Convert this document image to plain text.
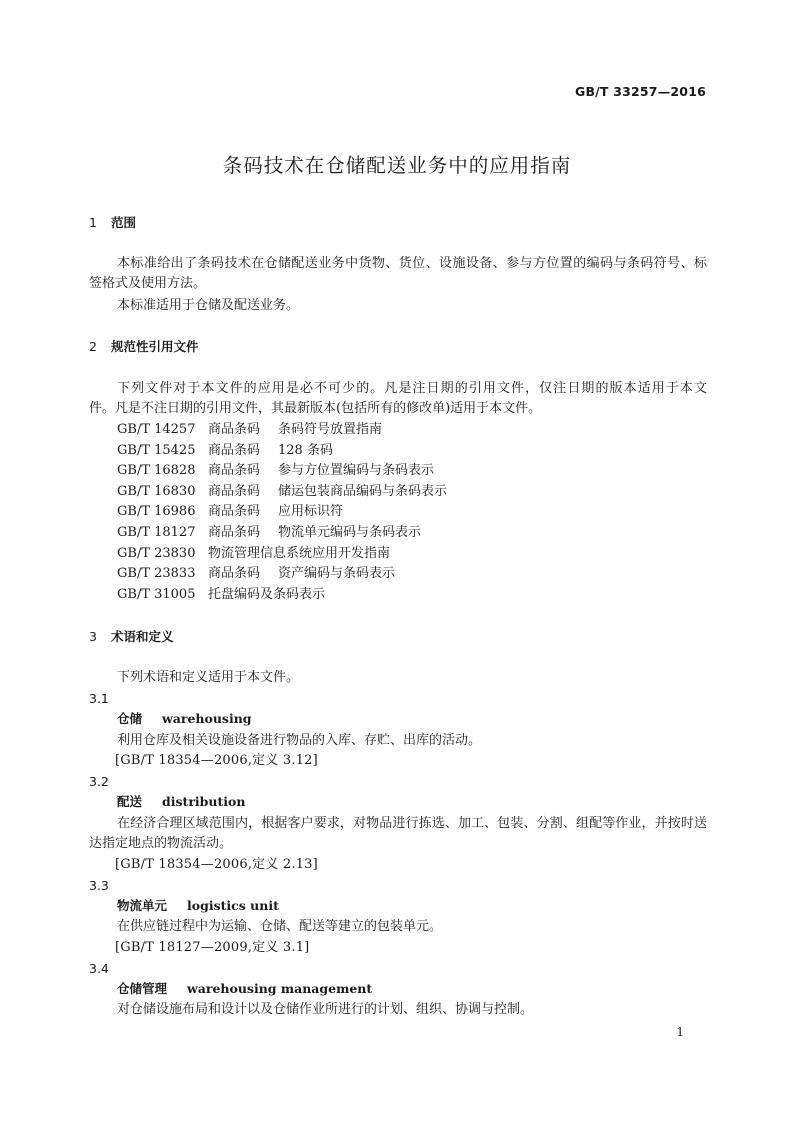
GB/T 33257—2016
条码技术在仓储配送业务中的应用指南
1 范围
本标准给出了条码技术在仓储配送业务中货物、货位、设施设备、参与方位置的编码与条码符号、标
签格式及使用方法。
本标准适用于仓储及配送业务。
2 规范性引用文件
下列文件对于本文件的应用是必不可少的。凡是注日期的引用文件，仅注日期的版本适用于本文
件。凡是不注日期的引用文件，其最新版本(包括所有的修改单)适用于本文件。
GB/T 14257 商品条码 条码符号放置指南
GB/T 15425 商品条码 128 条码
GB/T 16828 商品条码 参与方位置编码与条码表示
GB/T 16830 商品条码 储运包装商品编码与条码表示
GB/T 16986 商品条码 应用标识符
GB/T 18127 商品条码 物流单元编码与条码表示
GB/T 23830 物流管理信息系统应用开发指南
GB/T 23833 商品条码 资产编码与条码表示
GB/T 31005 托盘编码及条码表示
3 术语和定义
下列术语和定义适用于本文件。
3.1
仓储 warehousing
利用仓库及相关设施设备进行物品的入库、存贮、出库的活动。
[GB/T 18354—2006,定义 3.12]
3.2
配送 distribution
在经济合理区域范围内，根据客户要求，对物品进行拣选、加工、包装、分割、组配等作业，并按时送
达指定地点的物流活动。
[GB/T 18354—2006,定义 2.13]
3.3
物流单元 logistics unit
在供应链过程中为运输、仓储、配送等建立的包装单元。
[GB/T 18127—2009,定义 3.1]
3.4
仓储管理 warehousing management
对仓储设施布局和设计以及仓储作业所进行的计划、组织、协调与控制。
1
